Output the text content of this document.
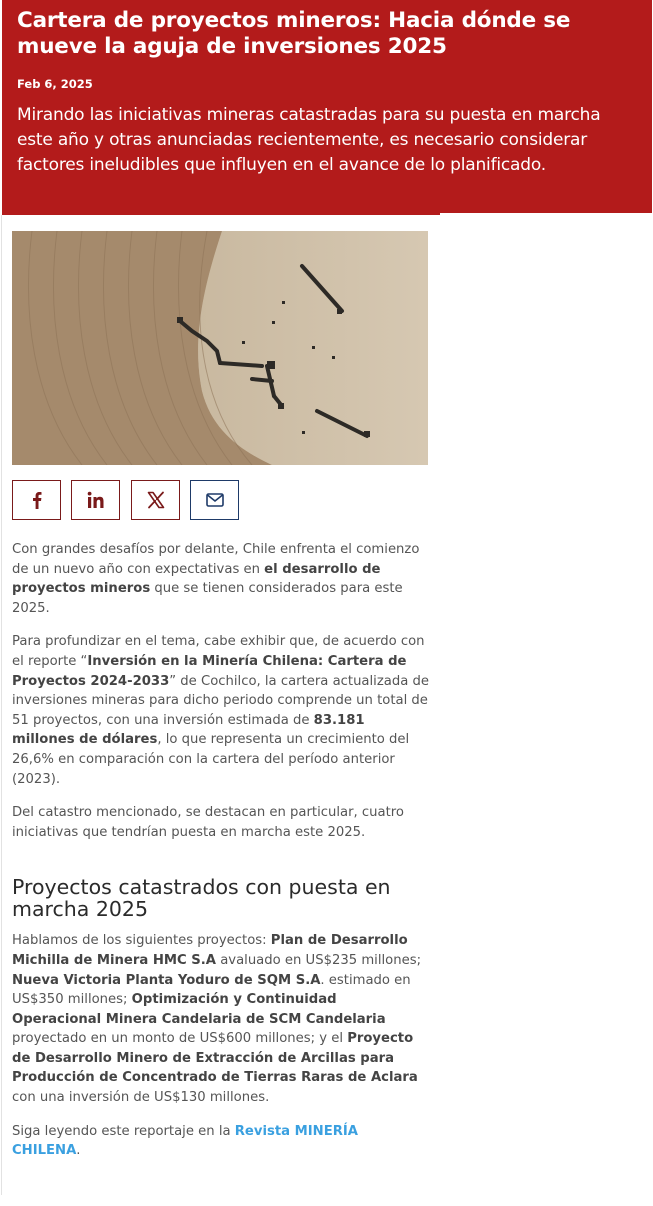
Cartera de proyectos mineros: Hacia dónde se mueve la aguja de inversiones 2025
Feb 6, 2025

Mirando las iniciativas mineras catastradas para su puesta en marcha este año y otras anunciadas recientemente, es necesario considerar factores ineludibles que influyen en el avance de lo planificado.

Con grandes desafíos por delante, Chile enfrenta el comienzo de un nuevo año con expectativas en el desarrollo de proyectos mineros que se tienen considerados para este 2025.

Para profundizar en el tema, cabe exhibir que, de acuerdo con el reporte “Inversión en la Minería Chilena: Cartera de Proyectos 2024-2033” de Cochilco, la cartera actualizada de inversiones mineras para dicho periodo comprende un total de 51 proyectos, con una inversión estimada de 83.181 millones de dólares, lo que representa un crecimiento del 26,6% en comparación con la cartera del período anterior (2023).

Del catastro mencionado, se destacan en particular, cuatro iniciativas que tendrían puesta en marcha este 2025.

Proyectos catastrados con puesta en marcha 2025

Hablamos de los siguientes proyectos: Plan de Desarrollo Michilla de Minera HMC S.A avaluado en US$235 millones; Nueva Victoria Planta Yoduro de SQM S.A. estimado en US$350 millones; Optimización y Continuidad Operacional Minera Candelaria de SCM Candelaria proyectado en un monto de US$600 millones; y el Proyecto de Desarrollo Minero de Extracción de Arcillas para Producción de Concentrado de Tierras Raras de Aclara con una inversión de US$130 millones.

Siga leyendo este reportaje en la Revista MINERÍA CHILENA.
